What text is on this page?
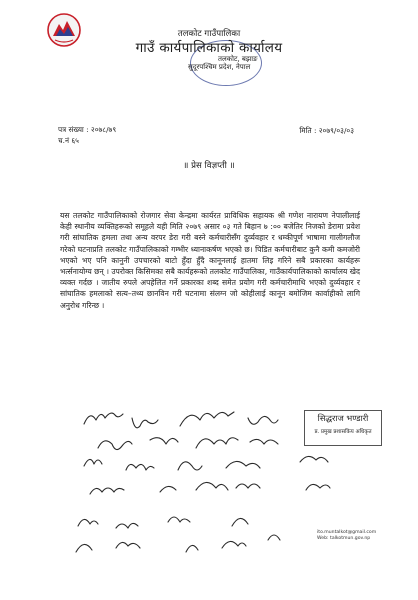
तलकोट गाउँपालिका
गाउँ कार्यपालिकाको कार्यालय
तलकोट, बझाङ
सुदूरपश्चिम प्रदेश, नेपाल
पत्र संख्या : २०७८/७९
च.नं ६५
मिति : २०७९/०३/०३
॥ प्रेस विज्ञप्ती ॥
यस तलकोट गाउँपालिकाको रोजगार सेवा केन्द्रमा कार्यरत प्राविधिक सहायक श्री गणेश नारायण नेपालीलाई केही स्थानीय व्यक्तिहरूको समूहले यही मिति २०७९ असार ०३ गते बिहान ७ :०० बजेतिर निजको डेरामा प्रवेश गरी सांघातिक हमला तथा अन्य वरपर डेरा गरी बस्ने कर्मचारीसँग दुर्व्यवहार र धम्कीपूर्ण भाषामा गालीगलौज गरेको घटनाप्रति तलकोट गाउँपालिकाको गम्भीर ध्यानाकर्षण भएको छ। पिडित कर्मचारीबाट कुनै कमी कमजोरी भएको भए पनि कानुनी उपचारको बाटो हुँदा हुँदै कानूनलाई हातमा लिइ गरिने सबै प्रकारका कार्यहरू भर्त्सनायोग्य छन् । उपरोक्त किसिमका सबै कार्यहरूको तलकोट गाउँपालिका, गाउँकार्यपालिकाको कार्यालय खेद व्यक्त गर्दछ । जातीय रुपले अपहेलित गर्ने प्रकारका शब्द समेत प्रयोग गरी कर्मचारीमाथि भएको दुर्व्यवहार र सांघातिक हमलाको सत्य–तथ्य छानविन गरी घटनामा संलग्न जो कोहीलाई कानून बमोजिम कार्वाहीको लागि अनुरोध गरिन्छ ।
सिद्धराज भण्डारी
प्र. प्रमुख प्रशासकिय अधिकृत
ito.muntalkot@gmail.com
Web: talkotmun.gov.np
